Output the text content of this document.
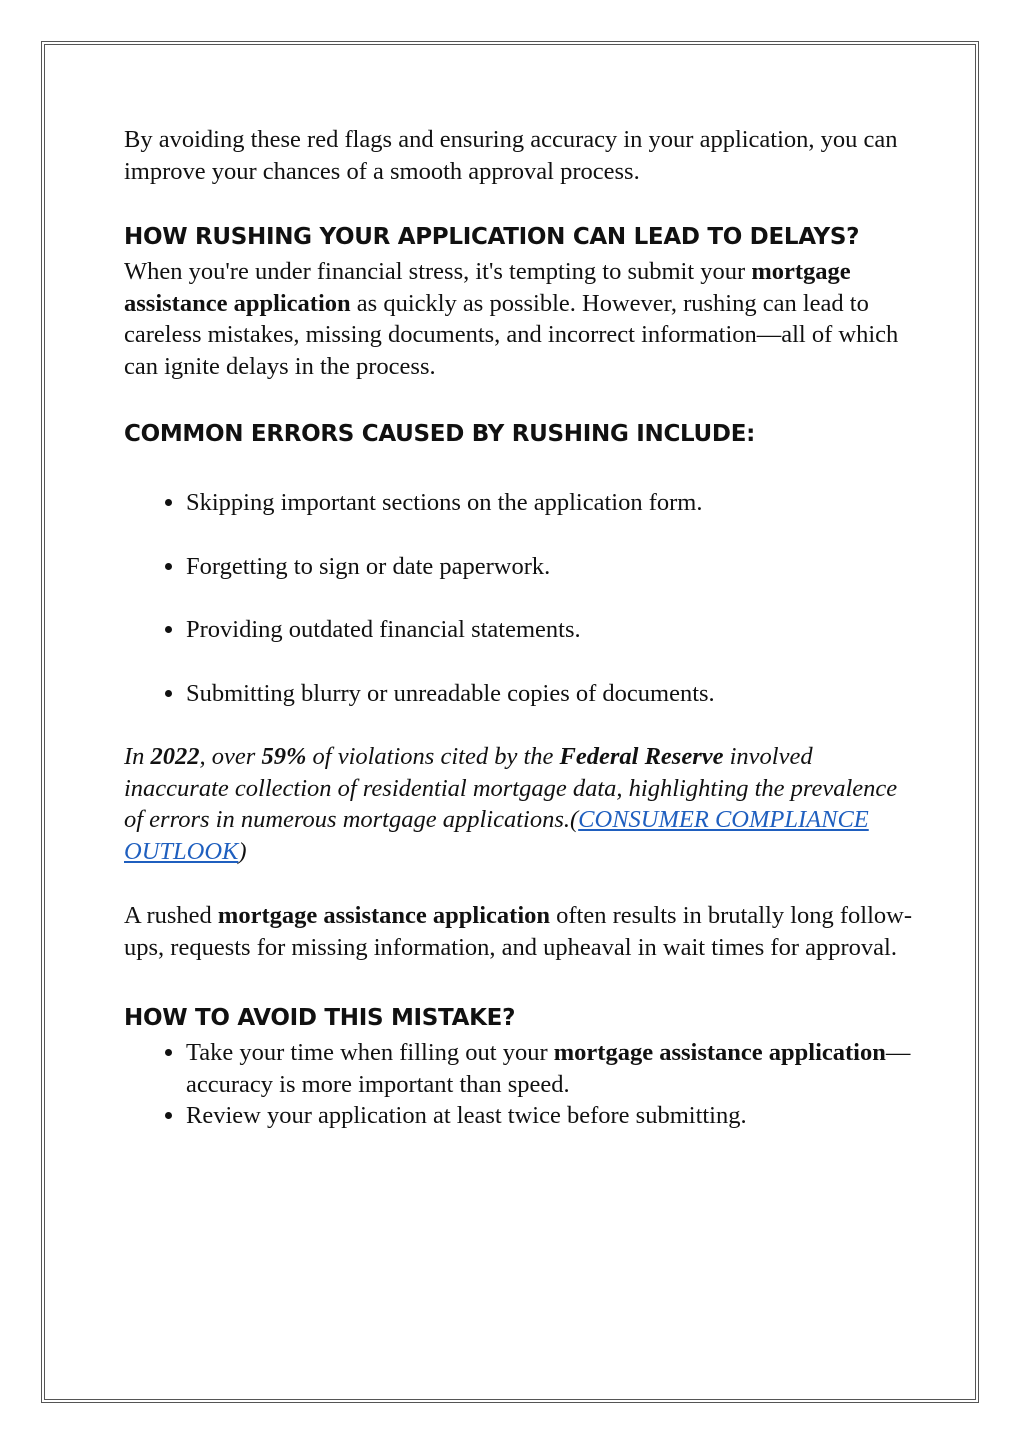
By avoiding these red flags and ensuring accuracy in your application, you can improve your chances of a smooth approval process.

HOW RUSHING YOUR APPLICATION CAN LEAD TO DELAYS?

When you're under financial stress, it's tempting to submit your mortgage assistance application as quickly as possible. However, rushing can lead to careless mistakes, missing documents, and incorrect information—all of which can ignite delays in the process.

COMMON ERRORS CAUSED BY RUSHING INCLUDE:
• Skipping important sections on the application form.
• Forgetting to sign or date paperwork.
• Providing outdated financial statements.
• Submitting blurry or unreadable copies of documents.

In 2022, over 59% of violations cited by the Federal Reserve involved inaccurate collection of residential mortgage data, highlighting the prevalence of errors in numerous mortgage applications.(CONSUMER COMPLIANCE OUTLOOK)

A rushed mortgage assistance application often results in brutally long follow-ups, requests for missing information, and upheaval in wait times for approval.

HOW TO AVOID THIS MISTAKE?
• Take your time when filling out your mortgage assistance application—accuracy is more important than speed.
• Review your application at least twice before submitting.
